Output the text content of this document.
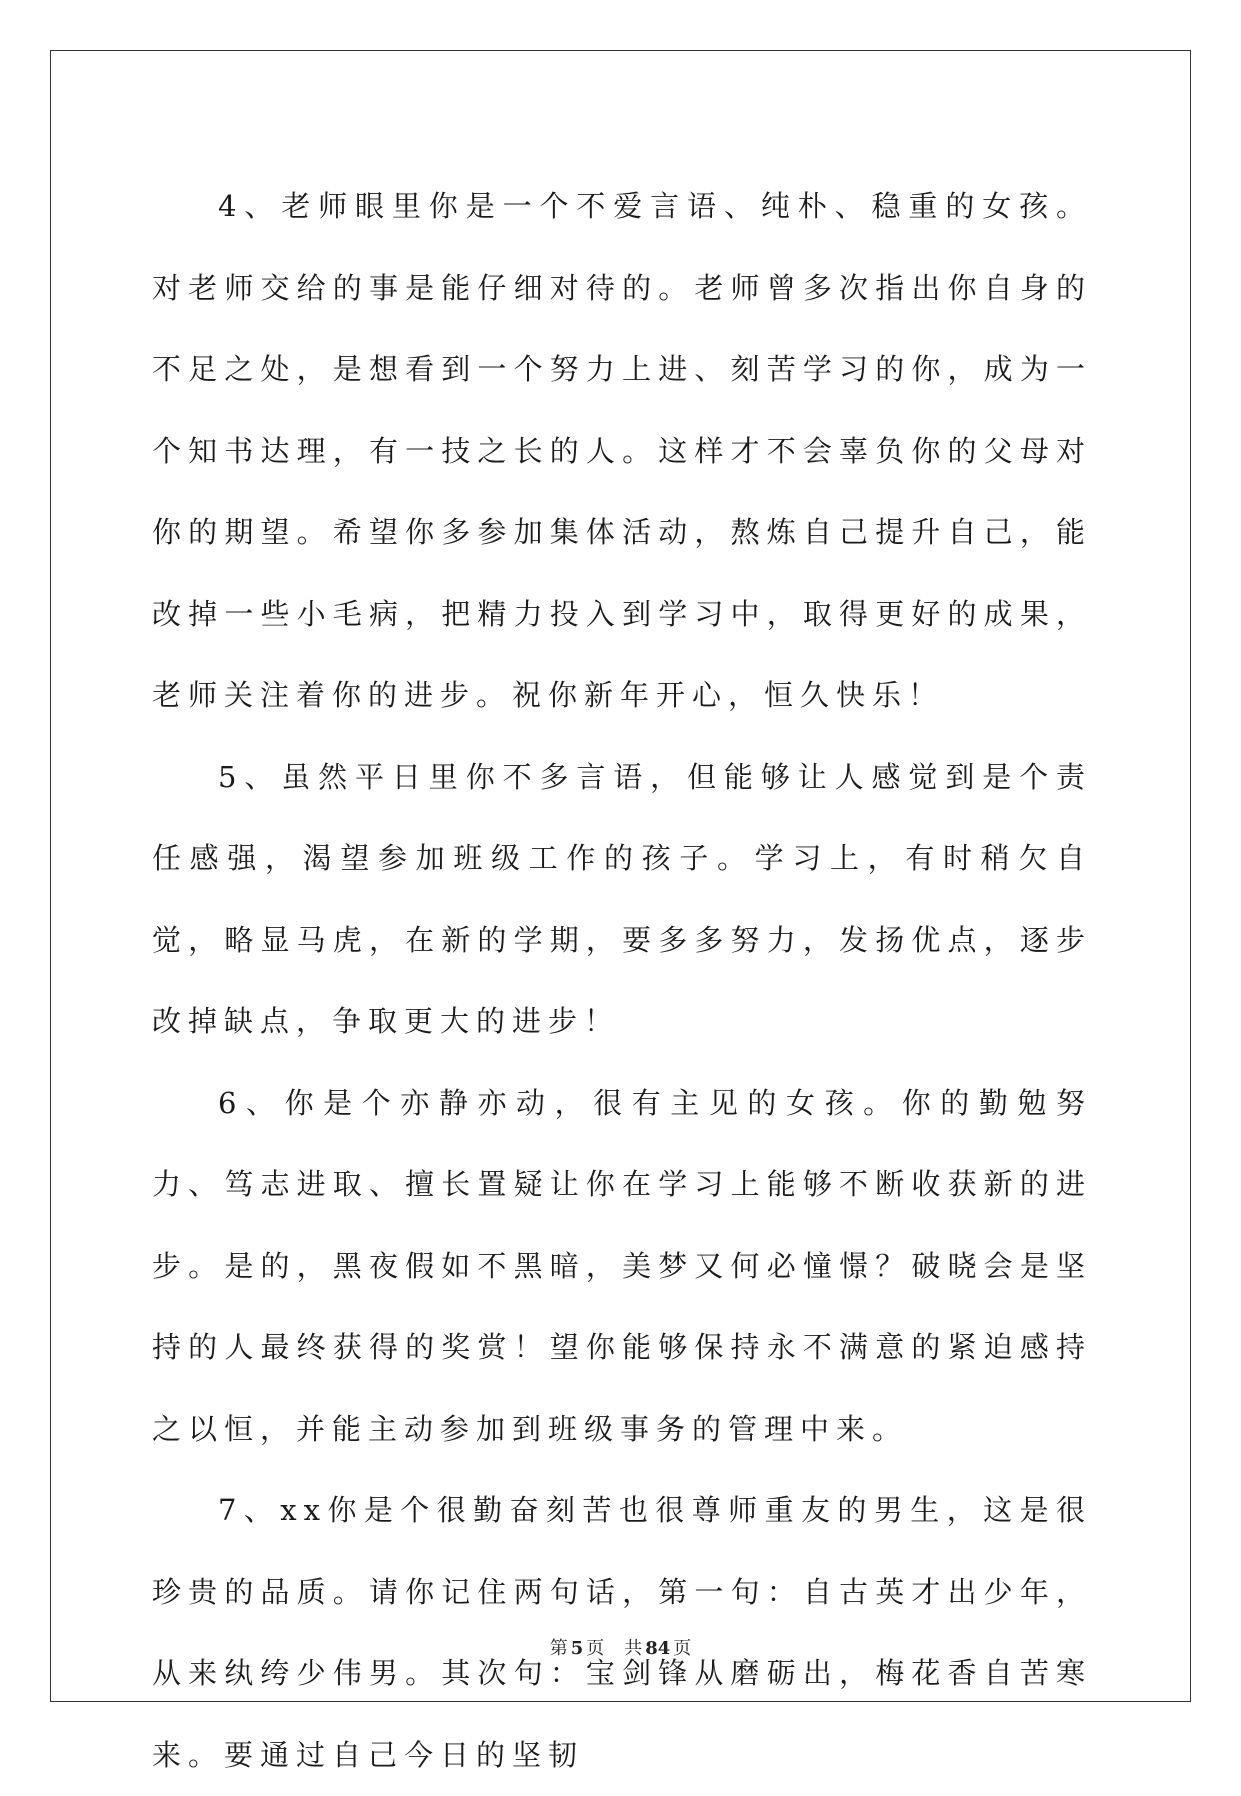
4、老师眼里你是一个不爱言语、纯朴、稳重的女孩。对老师交给的事是能仔细对待的。老师曾多次指出你自身的不足之处，是想看到一个努力上进、刻苦学习的你，成为一个知书达理，有一技之长的人。这样才不会辜负你的父母对你的期望。希望你多参加集体活动，熬炼自己提升自己，能改掉一些小毛病，把精力投入到学习中，取得更好的成果，老师关注着你的进步。祝你新年开心，恒久快乐！

5、虽然平日里你不多言语，但能够让人感觉到是个责任感强，渴望参加班级工作的孩子。学习上，有时稍欠自觉，略显马虎，在新的学期，要多多努力，发扬优点，逐步改掉缺点，争取更大的进步！

6、你是个亦静亦动，很有主见的女孩。你的勤勉努力、笃志进取、擅长置疑让你在学习上能够不断收获新的进步。是的，黑夜假如不黑暗，美梦又何必憧憬？破晓会是坚持的人最终获得的奖赏！望你能够保持永不满意的紧迫感持之以恒，并能主动参加到班级事务的管理中来。

7、xx你是个很勤奋刻苦也很尊师重友的男生，这是很珍贵的品质。请你记住两句话，第一句：自古英才出少年，从来纨绔少伟男。其次句：宝剑锋从磨砺出，梅花香自苦寒来。要通过自己今日的坚韧

第 5 页 共 84 页
